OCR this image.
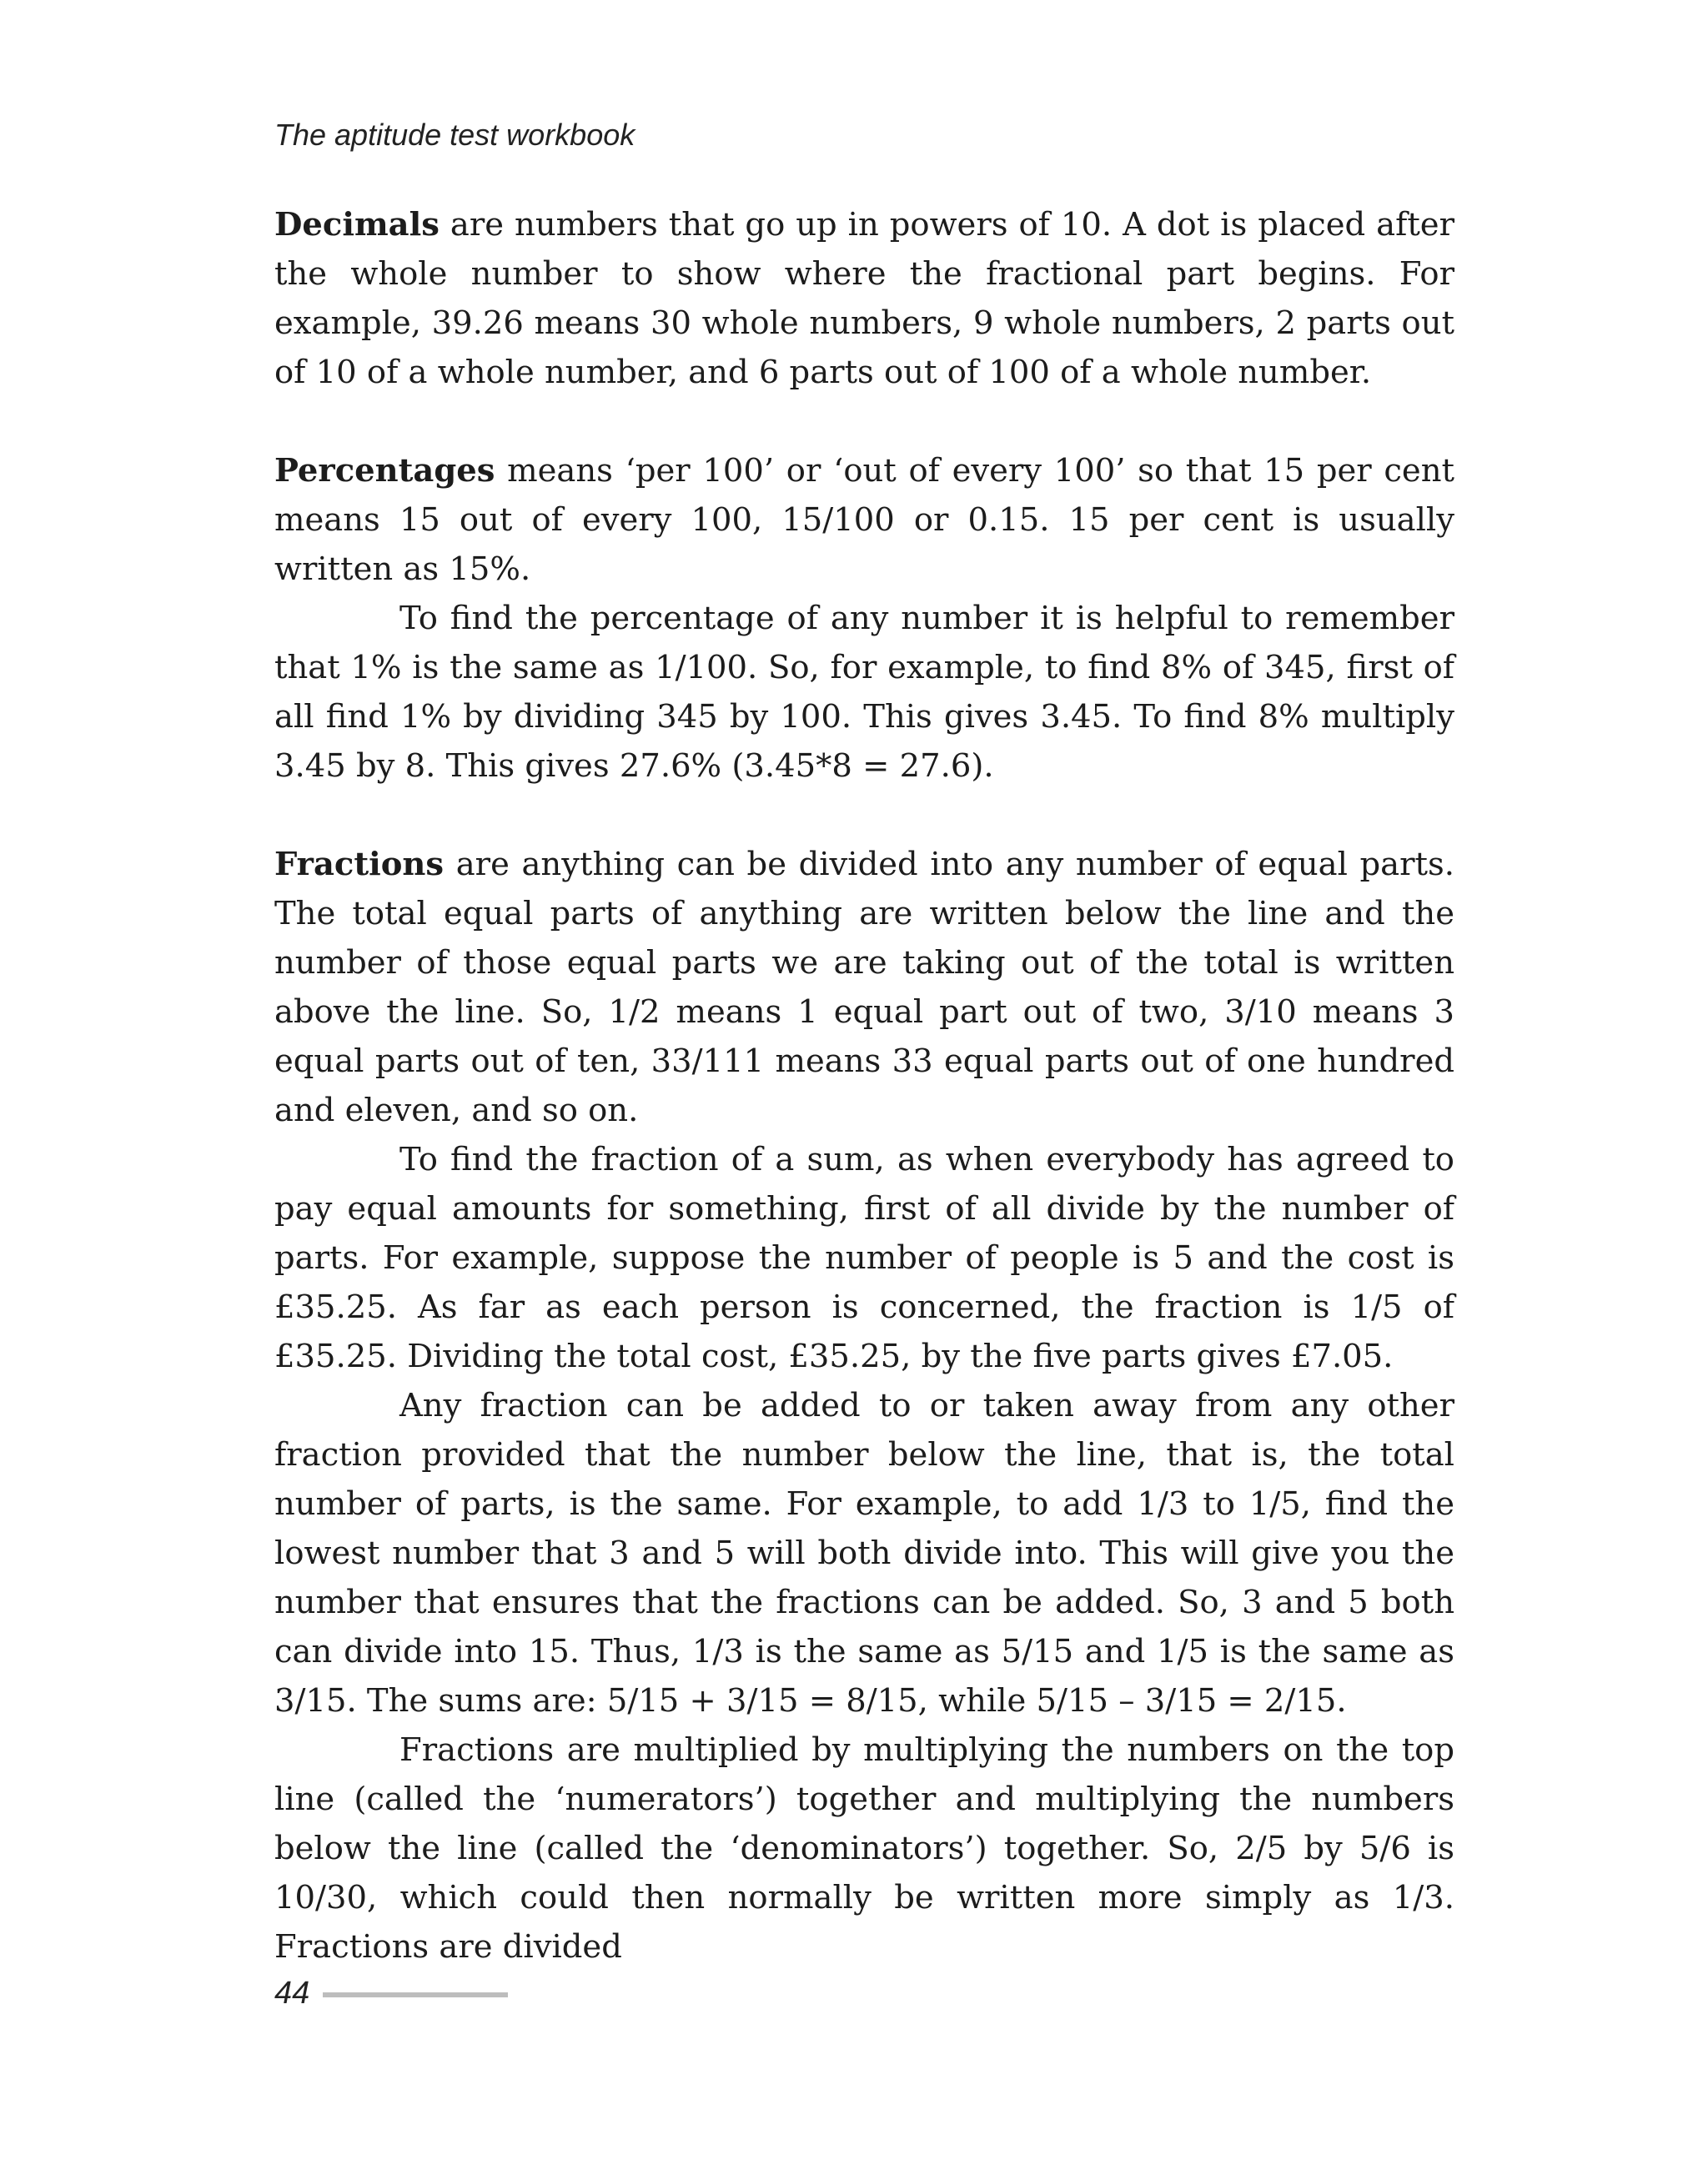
The aptitude test workbook

Decimals are numbers that go up in powers of 10. A dot is placed after the whole number to show where the fractional part begins. For example, 39.26 means 30 whole numbers, 9 whole numbers, 2 parts out of 10 of a whole number, and 6 parts out of 100 of a whole number.

Percentages means ‘per 100’ or ‘out of every 100’ so that 15 per cent means 15 out of every 100, 15/100 or 0.15. 15 per cent is usually written as 15%.

To find the percentage of any number it is helpful to remember that 1% is the same as 1/100. So, for example, to find 8% of 345, first of all find 1% by dividing 345 by 100. This gives 3.45. To find 8% multiply 3.45 by 8. This gives 27.6% (3.45*8 = 27.6).

Fractions are anything can be divided into any number of equal parts. The total equal parts of anything are written below the line and the number of those equal parts we are taking out of the total is written above the line. So, 1/2 means 1 equal part out of two, 3/10 means 3 equal parts out of ten, 33/111 means 33 equal parts out of one hundred and eleven, and so on.

To find the fraction of a sum, as when everybody has agreed to pay equal amounts for something, first of all divide by the number of parts. For example, suppose the number of people is 5 and the cost is £35.25. As far as each person is concerned, the fraction is 1/5 of £35.25. Dividing the total cost, £35.25, by the five parts gives £7.05.

Any fraction can be added to or taken away from any other fraction provided that the number below the line, that is, the total number of parts, is the same. For example, to add 1/3 to 1/5, find the lowest number that 3 and 5 will both divide into. This will give you the number that ensures that the fractions can be added. So, 3 and 5 both can divide into 15. Thus, 1/3 is the same as 5/15 and 1/5 is the same as 3/15. The sums are: 5/15 + 3/15 = 8/15, while 5/15 – 3/15 = 2/15.

Fractions are multiplied by multiplying the numbers on the top line (called the ‘numerators’) together and multiplying the numbers below the line (called the ‘denominators’) together. So, 2/5 by 5/6 is 10/30, which could then normally be written more simply as 1/3. Fractions are divided

44
